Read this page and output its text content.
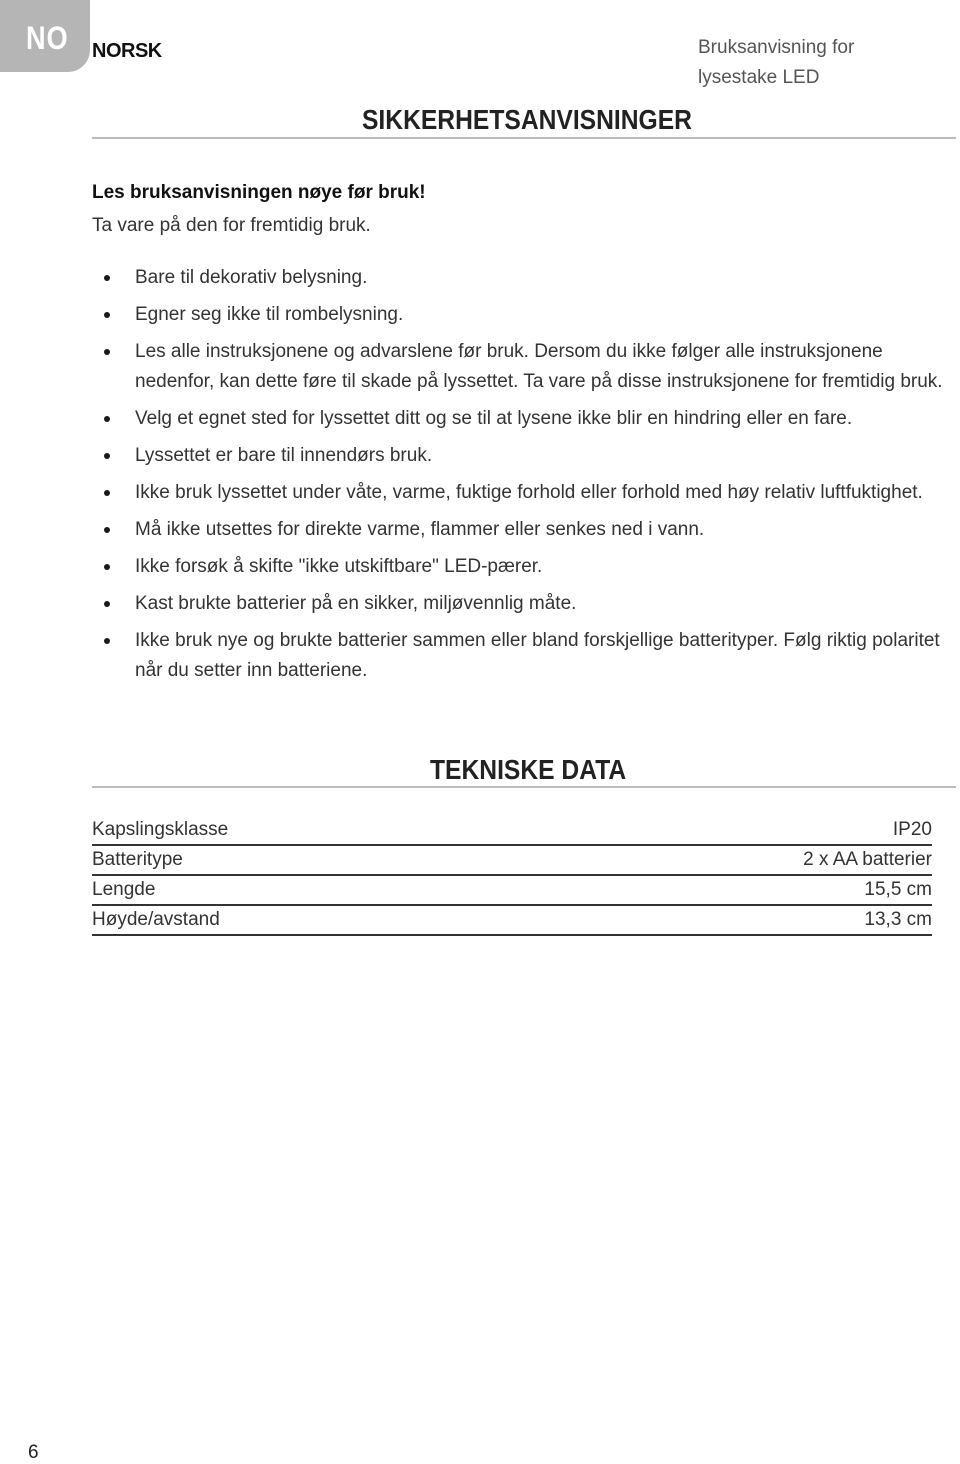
NO NORSK	Bruksanvisning for
lysestake LED
SIKKERHETSANVISNINGER
Les bruksanvisningen nøye før bruk!
Ta vare på den for fremtidig bruk.
Bare til dekorativ belysning.
Egner seg ikke til rombelysning.
Les alle instruksjonene og advarslene før bruk. Dersom du ikke følger alle instruksjonene nedenfor, kan dette føre til skade på lyssettet. Ta vare på disse instruksjonene for fremtidig bruk.
Velg et egnet sted for lyssettet ditt og se til at lysene ikke blir en hindring eller en fare.
Lyssettet er bare til innendørs bruk.
Ikke bruk lyssettet under våte, varme, fuktige forhold eller forhold med høy relativ luftfuktighet.
Må ikke utsettes for direkte varme, flammer eller senkes ned i vann.
Ikke forsøk å skifte "ikke utskiftbare" LED-pærer.
Kast brukte batterier på en sikker, miljøvennlig måte.
Ikke bruk nye og brukte batterier sammen eller bland forskjellige batterityper. Følg riktig polaritet når du setter inn batteriene.
TEKNISKE DATA
Kapslingsklasse	IP20
Batteritype	2 x AA batterier
Lengde	15,5 cm
Høyde/avstand	13,3 cm
6
